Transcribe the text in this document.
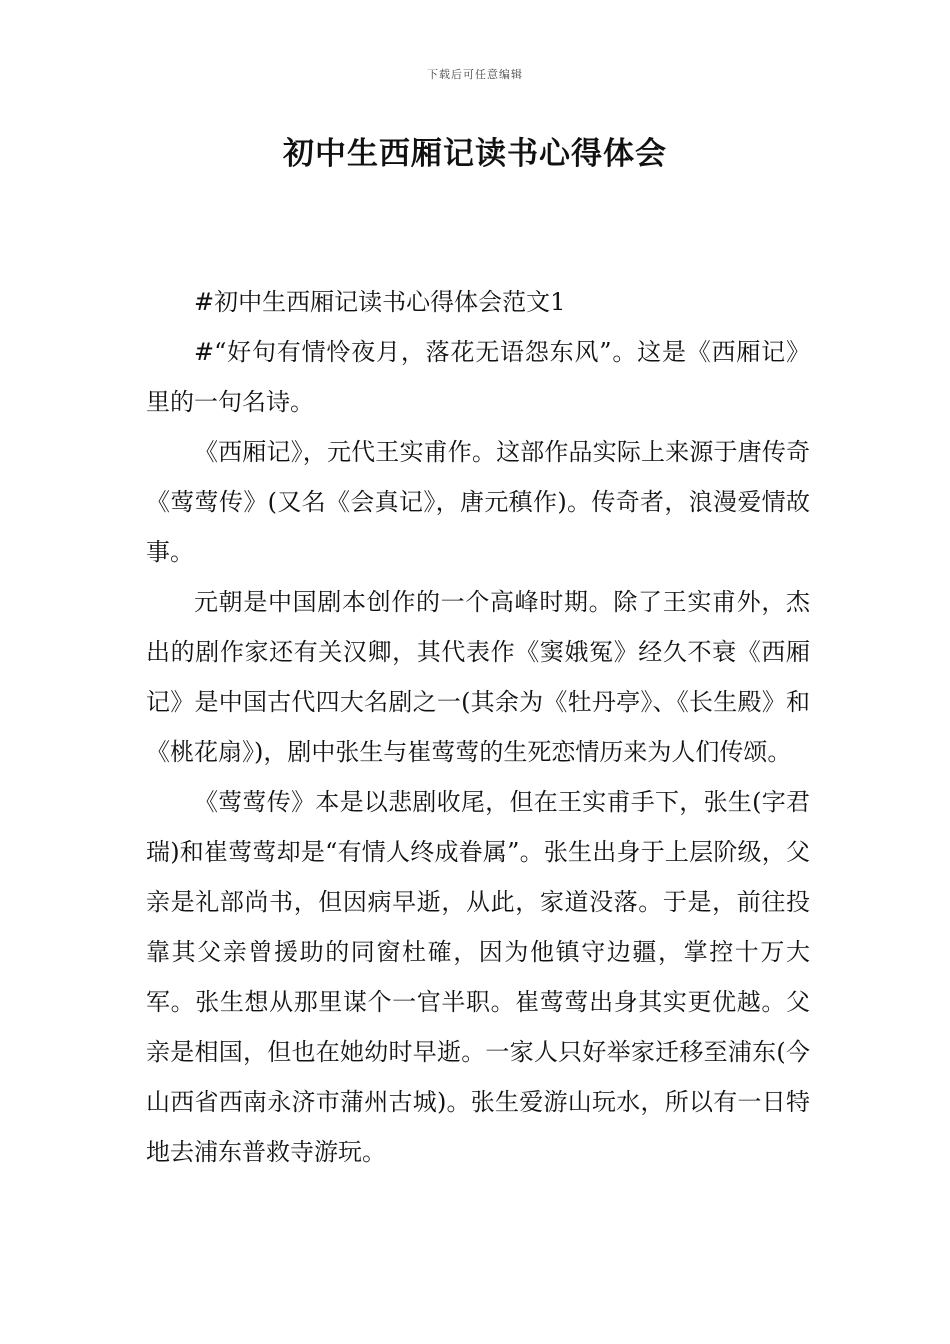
下载后可任意编辑
初中生西厢记读书心得体会

#初中生西厢记读书心得体会范文1

#“好句有情怜夜月，落花无语怨东风”。这是《西厢记》里的一句名诗。

《西厢记》，元代王实甫作。这部作品实际上来源于唐传奇《莺莺传》(又名《会真记》，唐元稹作)。传奇者，浪漫爱情故事。

元朝是中国剧本创作的一个高峰时期。除了王实甫外，杰出的剧作家还有关汉卿，其代表作《窦娥冤》经久不衰《西厢记》是中国古代四大名剧之一(其余为《牡丹亭》、《长生殿》和《桃花扇》)，剧中张生与崔莺莺的生死恋情历来为人们传颂。

《莺莺传》本是以悲剧收尾，但在王实甫手下，张生(字君瑞)和崔莺莺却是“有情人终成眷属”。张生出身于上层阶级，父亲是礼部尚书，但因病早逝，从此，家道没落。于是，前往投靠其父亲曾援助的同窗杜確，因为他镇守边疆，掌控十万大军。张生想从那里谋个一官半职。崔莺莺出身其实更优越。父亲是相国，但也在她幼时早逝。一家人只好举家迁移至浦东(今山西省西南永济市蒲州古城)。张生爱游山玩水，所以有一日特地去浦东普救寺游玩。
